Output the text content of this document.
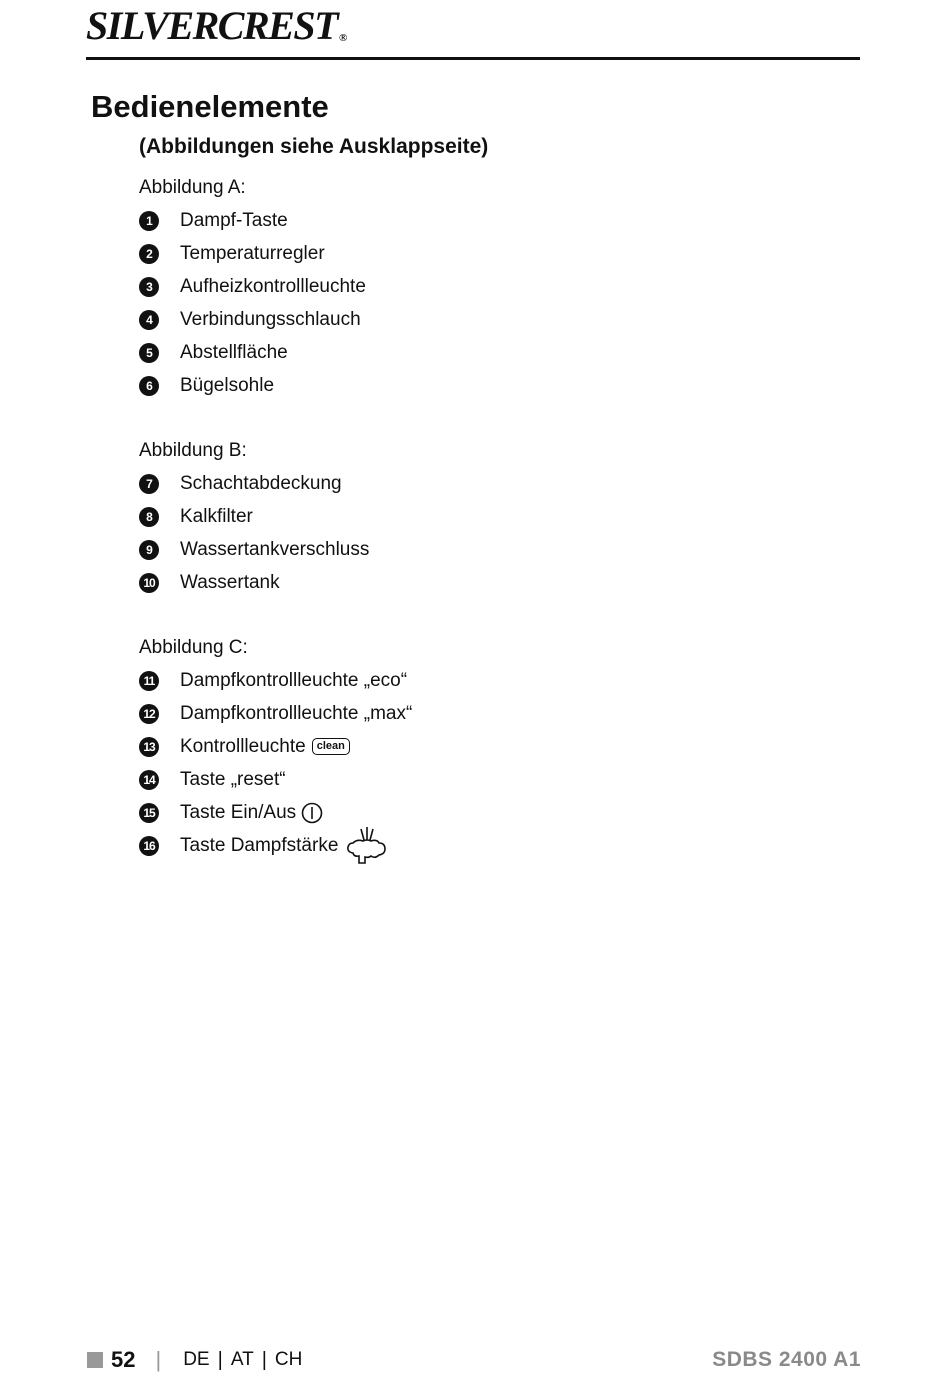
SILVERCREST ®
Bedienelemente
(Abbildungen siehe Ausklappseite)
Abbildung A:
1	Dampf-Taste
2	Temperaturregler
3	Aufheizkontrollleuchte
4	Verbindungsschlauch
5	Abstellfläche
6	Bügelsohle
Abbildung B:
7	Schachtabdeckung
8	Kalkfilter
9	Wassertankverschluss
10 Wassertank
Abbildung C:
11 Dampfkontrollleuchte „eco“
12 Dampfkontrollleuchte „max“
13 Kontrollleuchte	clean
14 Taste „reset“
15 Taste Ein/Aus
16 Taste Dampfstärke
52 | DE | AT | CH	SDBS 2400 A1
